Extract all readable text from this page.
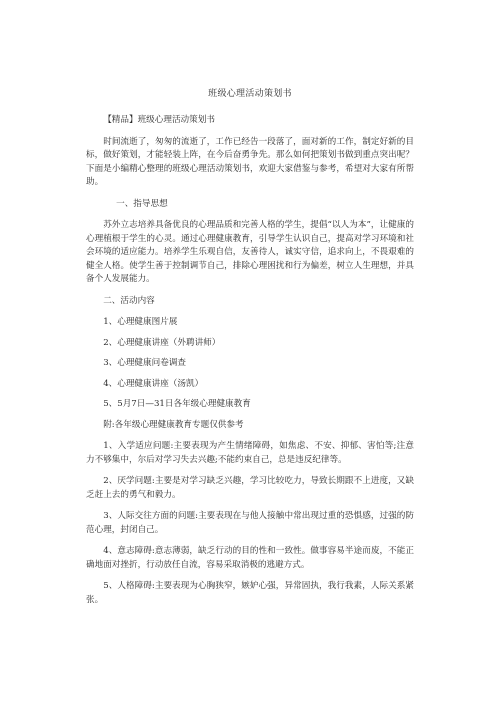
班级心理活动策划书

【精品】班级心理活动策划书

时间流逝了，匆匆的流逝了，工作已经告一段落了，面对新的工作，制定好新的目标，做好策划，才能轻装上阵，在今后奋勇争先。那么如何把策划书做到重点突出呢？下面是小编精心整理的班级心理活动策划书，欢迎大家借鉴与参考，希望对大家有所帮助。

一、指导思想

苏外立志培养具备优良的心理品质和完善人格的学生，提倡“以人为本”，让健康的心理植根于学生的心灵。通过心理健康教育，引导学生认识自己，提高对学习环境和社会环境的适应能力。培养学生乐观自信，友善待人，诚实守信，追求向上，不畏艰难的健全人格。使学生善于控制调节自己，排除心理困扰和行为偏差，树立人生理想，并具备个人发展能力。

二、活动内容

1、心理健康图片展

2、心理健康讲座（外聘讲师）

3、心理健康问卷调查

4、心理健康讲座（汤凯）

5、5月7日—31日各年级心理健康教育

附:各年级心理健康教育专题仅供参考

1、入学适应问题:主要表现为产生情绪障碍，如焦虑、不安、抑郁、害怕等;注意力不够集中，尔后对学习失去兴趣;不能约束自己，总是违反纪律等。

2、厌学问题:主要是对学习缺乏兴趣，学习比较吃力，导致长期跟不上进度，又缺乏赶上去的勇气和毅力。

3、人际交往方面的问题:主要表现在与他人接触中常出现过重的恐惧感，过强的防范心理，封闭自己。

4、意志障碍:意志薄弱，缺乏行动的目的性和一致性。做事容易半途而废，不能正确地面对挫折，行动放任自流，容易采取消极的逃避方式。

5、人格障碍:主要表现为心胸狭窄，嫉妒心强，异常固执，我行我素，人际关系紧张。
